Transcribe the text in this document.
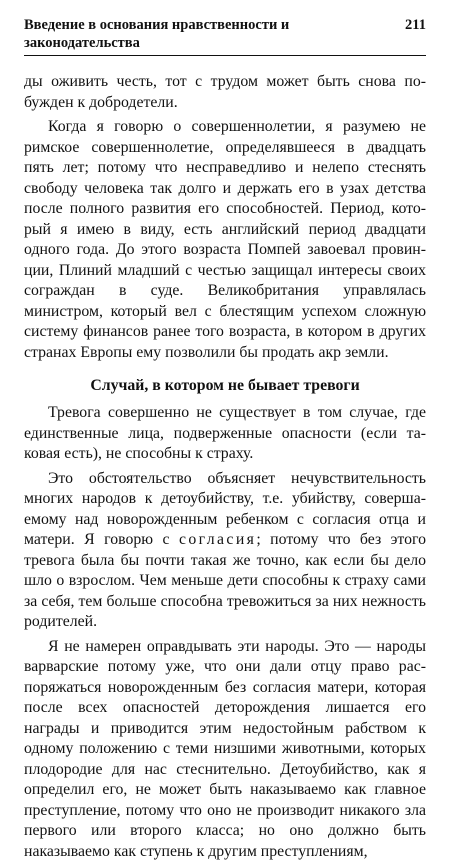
Введение в основания нравственности и законодательства
211

ды оживить честь, тот с трудом может быть снова побужден к добродетели.

Когда я говорю о совершеннолетии, я разумею не римское совершеннолетие, определявшееся в двадцать пять лет; потому что несправедливо и нелепо стеснять свободу человека так долго и держать его в узах детства после полного развития его способностей. Период, который я имею в виду, есть английский период двадцати одного года. До этого возраста Помпей завоевал провинции, Плиний младший с честью защищал интересы своих сограждан в суде. Великобритания управлялась министром, который вел с блестящим успехом сложную систему финансов ранее того возраста, в котором в других странах Европы ему позволили бы продать акр земли.

Случай, в котором не бывает тревоги

Тревога совершенно не существует в том случае, где единственные лица, подверженные опасности (если таковая есть), не способны к страху.

Это обстоятельство объясняет нечувствительность многих народов к детоубийству, т.е. убийству, совершаемому над новорожденным ребенком с согласия отца и матери. Я говорю с согласия; потому что без этого тревога была бы почти такая же точно, как если бы дело шло о взрослом. Чем меньше дети способны к страху сами за себя, тем больше способна тревожиться за них нежность родителей.

Я не намерен оправдывать эти народы. Это — народы варварские потому уже, что они дали отцу право распоряжаться новорожденным без согласия матери, которая после всех опасностей деторождения лишается его награды и приводится этим недостойным рабством к одному положению с теми низшими животными, которых плодородие для нас стеснительно. Детоубийство, как я определил его, не может быть наказываемо как главное преступление, потому что оно не производит никакого зла первого или второго класса; но оно должно быть наказываемо как ступень к другим преступлениям,
